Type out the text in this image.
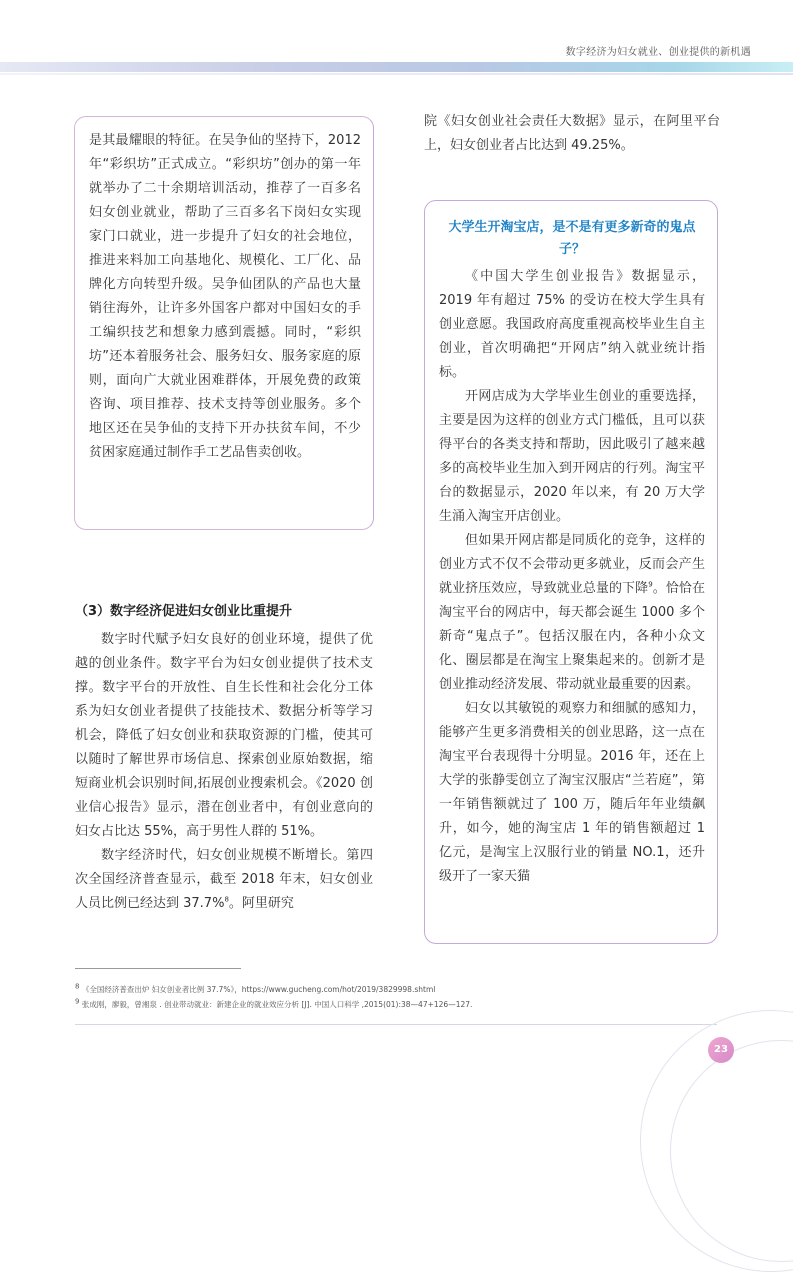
数字经济为妇女就业、创业提供的新机遇

是其最耀眼的特征。在吴争仙的坚持下，2012 年“彩织坊”正式成立。“彩织坊”创办的第一年就举办了二十余期培训活动，推荐了一百多名妇女创业就业，帮助了三百多名下岗妇女实现家门口就业，进一步提升了妇女的社会地位，推进来料加工向基地化、规模化、工厂化、品牌化方向转型升级。吴争仙团队的产品也大量销往海外，让许多外国客户都对中国妇女的手工编织技艺和想象力感到震撼。同时，“彩织坊”还本着服务社会、服务妇女、服务家庭的原则，面向广大就业困难群体，开展免费的政策咨询、项目推荐、技术支持等创业服务。多个地区还在吴争仙的支持下开办扶贫车间，不少贫困家庭通过制作手工艺品售卖创收。

（3）数字经济促进妇女创业比重提升

数字时代赋予妇女良好的创业环境，提供了优越的创业条件。数字平台为妇女创业提供了技术支撑。数字平台的开放性、自生长性和社会化分工体系为妇女创业者提供了技能技术、数据分析等学习机会，降低了妇女创业和获取资源的门槛，使其可以随时了解世界市场信息、探索创业原始数据，缩短商业机会识别时间,拓展创业搜索机会。《2020 创业信心报告》显示，潜在创业者中，有创业意向的妇女占比达 55%，高于男性人群的 51%。

数字经济时代，妇女创业规模不断增长。第四次全国经济普查显示，截至 2018 年末，妇女创业人员比例已经达到 37.7%$^8$。阿里研究

院《妇女创业社会责任大数据》显示，在阿里平台上，妇女创业者占比达到 49.25%。

大学生开淘宝店，是不是有更多新奇的鬼点子？

《中国大学生创业报告》数据显示，2019 年有超过 75% 的受访在校大学生具有创业意愿。我国政府高度重视高校毕业生自主创业，首次明确把“开网店”纳入就业统计指标。

开网店成为大学毕业生创业的重要选择，主要是因为这样的创业方式门槛低，且可以获得平台的各类支持和帮助，因此吸引了越来越多的高校毕业生加入到开网店的行列。淘宝平台的数据显示，2020 年以来，有 20 万大学生涌入淘宝开店创业。

但如果开网店都是同质化的竞争，这样的创业方式不仅不会带动更多就业，反而会产生就业挤压效应，导致就业总量的下降$^9$。恰恰在淘宝平台的网店中，每天都会诞生 1000 多个新奇“鬼点子”。包括汉服在内，各种小众文化、圈层都是在淘宝上聚集起来的。创新才是创业推动经济发展、带动就业最重要的因素。

妇女以其敏锐的观察力和细腻的感知力，能够产生更多消费相关的创业思路，这一点在淘宝平台表现得十分明显。2016 年，还在上大学的张静雯创立了淘宝汉服店“兰若庭”，第一年销售额就过了 100 万，随后年年业绩飙升，如今，她的淘宝店 1 年的销售额超过 1 亿元，是淘宝上汉服行业的销量 NO.1，还升级开了一家天猫

$^8$ 《全国经济普查出炉 妇女创业者比例 37.7%》，https://www.gucheng.com/hot/2019/3829998.shtml

$^9$ 张成刚，廖毅，曾湘泉 . 创业带动就业：新建企业的就业效应分析 [J]. 中国人口科学 ,2015(01):38—47+126—127.

23
